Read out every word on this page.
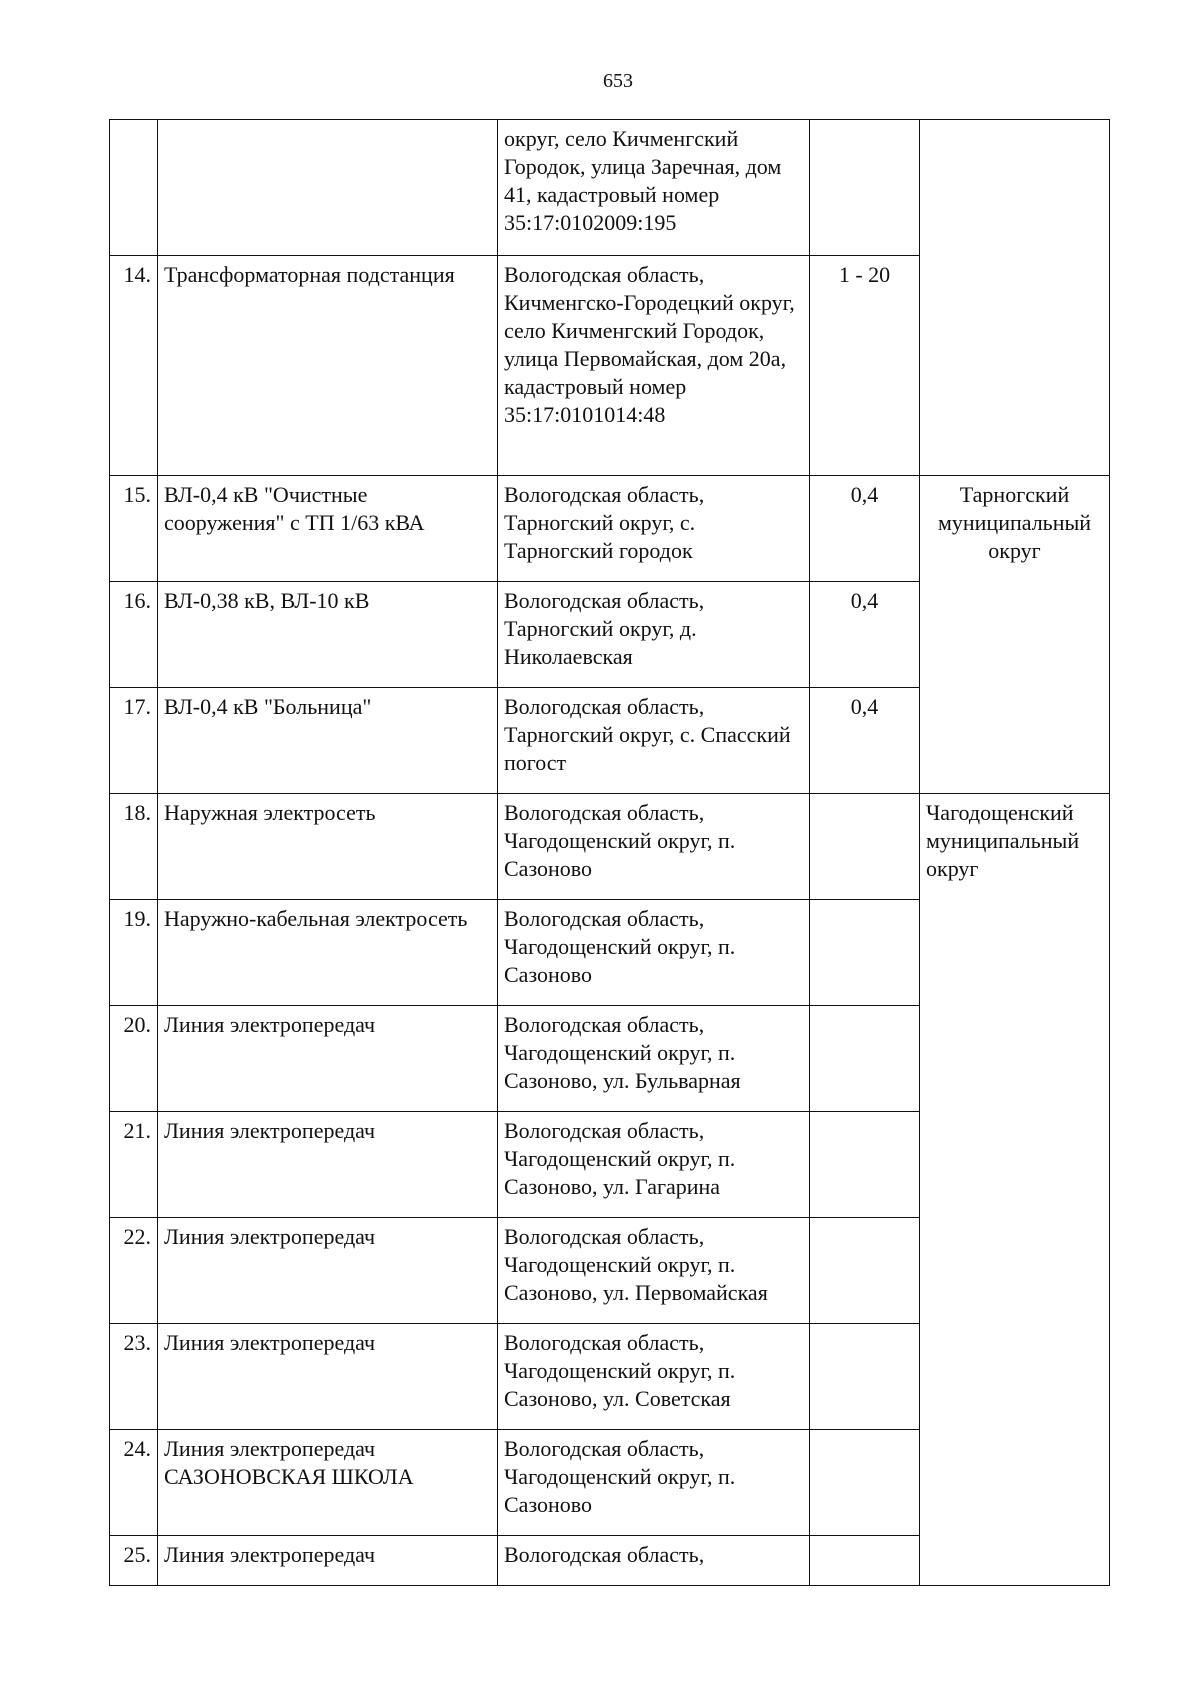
653
		округ, село Кичменгский Городок, улица Заречная, дом 41, кадастровый номер 35:17:0102009:195		
14.	Трансформаторная подстанция	Вологодская область, Кичменгско-Городецкий округ, село Кичменгский Городок, улица Первомайская, дом 20а, кадастровый номер 35:17:0101014:48	1 - 20	
15.	ВЛ-0,4 кВ "Очистные сооружения" с ТП 1/63 кВА	Вологодская область, Тарногский округ, с. Тарногский городок	0,4	Тарногский муниципальный округ
16.	ВЛ-0,38 кВ, ВЛ-10 кВ	Вологодская область, Тарногский округ, д. Николаевская	0,4	
17.	ВЛ-0,4 кВ "Больница"	Вологодская область, Тарногский округ, с. Спасский погост	0,4	
18.	Наружная электросеть	Вологодская область, Чагодощенский округ, п. Сазоново		Чагодощенский муниципальный округ
19.	Наружно-кабельная электросеть	Вологодская область, Чагодощенский округ, п. Сазоново		
20.	Линия электропередач	Вологодская область, Чагодощенский округ, п. Сазоново, ул. Бульварная		
21.	Линия электропередач	Вологодская область, Чагодощенский округ, п. Сазоново, ул. Гагарина		
22.	Линия электропередач	Вологодская область, Чагодощенский округ, п. Сазоново, ул. Первомайская		
23.	Линия электропередач	Вологодская область, Чагодощенский округ, п. Сазоново, ул. Советская		
24.	Линия электропередач САЗОНОВСКАЯ ШКОЛА	Вологодская область, Чагодощенский округ, п. Сазоново		
25.	Линия электропередач	Вологодская область,		
